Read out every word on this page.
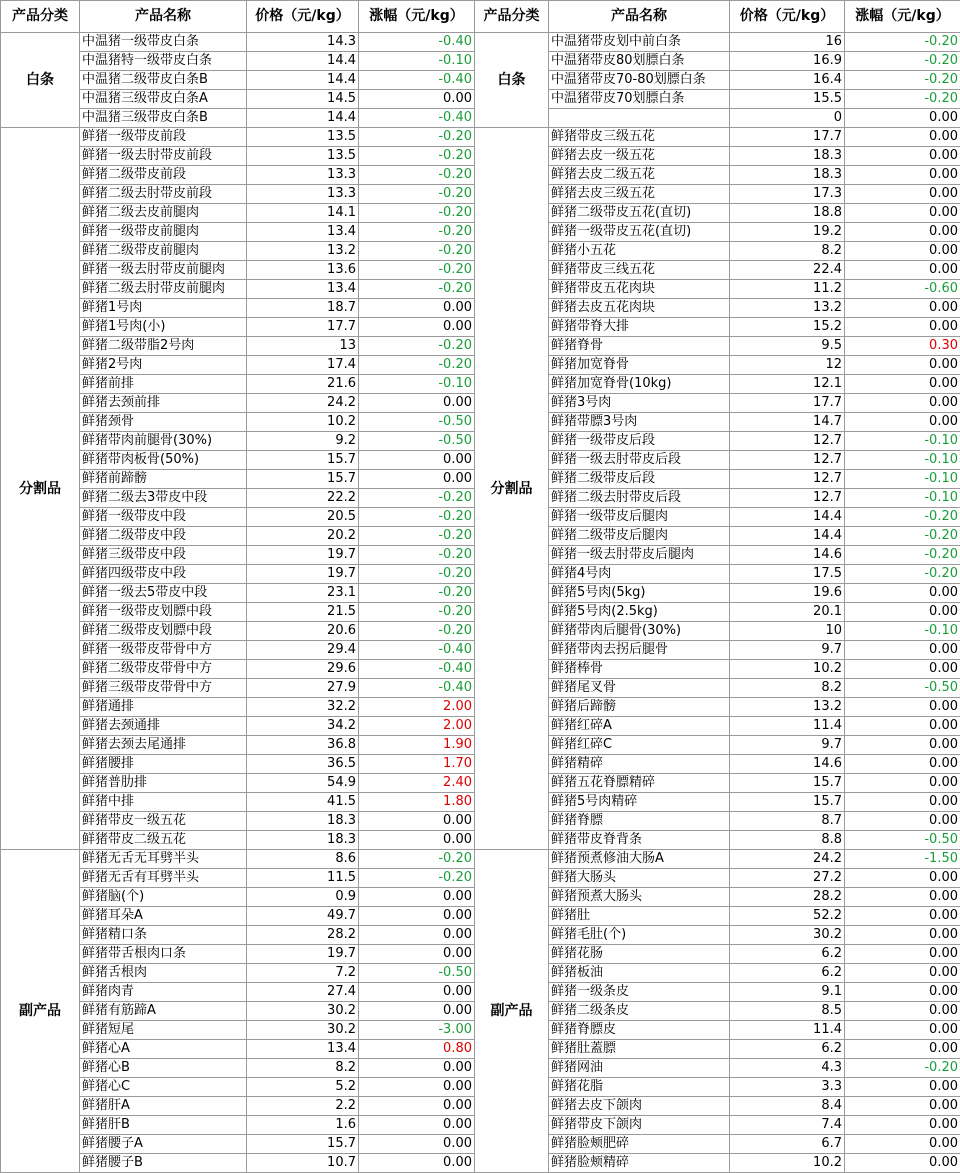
产品分类	产品名称	价格（元/kg）	涨幅（元/kg）	产品分类	产品名称	价格（元/kg）	涨幅（元/kg）
白条	中温猪一级带皮白条	14.3	-0.40	白条	中温猪带皮划中前白条	16	-0.20
	中温猪特一级带皮白条	14.4	-0.10		中温猪带皮80划膘白条	16.9	-0.20
	中温猪二级带皮白条B	14.4	-0.40		中温猪带皮70-80划膘白条	16.4	-0.20
	中温猪三级带皮白条A	14.5	0.00		中温猪带皮70划膘白条	15.5	-0.20
	中温猪三级带皮白条B	14.4	-0.40			0	0.00
分割品	鲜猪一级带皮前段	13.5	-0.20	分割品	鲜猪带皮三级五花	17.7	0.00
	鲜猪一级去肘带皮前段	13.5	-0.20		鲜猪去皮一级五花	18.3	0.00
	鲜猪二级带皮前段	13.3	-0.20		鲜猪去皮二级五花	18.3	0.00
	鲜猪二级去肘带皮前段	13.3	-0.20		鲜猪去皮三级五花	17.3	0.00
	鲜猪二级去皮前腿肉	14.1	-0.20		鲜猪二级带皮五花(直切)	18.8	0.00
	鲜猪一级带皮前腿肉	13.4	-0.20		鲜猪一级带皮五花(直切)	19.2	0.00
	鲜猪二级带皮前腿肉	13.2	-0.20		鲜猪小五花	8.2	0.00
	鲜猪一级去肘带皮前腿肉	13.6	-0.20		鲜猪带皮三线五花	22.4	0.00
	鲜猪二级去肘带皮前腿肉	13.4	-0.20		鲜猪带皮五花肉块	11.2	-0.60
	鲜猪1号肉	18.7	0.00		鲜猪去皮五花肉块	13.2	0.00
	鲜猪1号肉(小)	17.7	0.00		鲜猪带脊大排	15.2	0.00
	鲜猪二级带脂2号肉	13	-0.20		鲜猪脊骨	9.5	0.30
	鲜猪2号肉	17.4	-0.20		鲜猪加宽脊骨	12	0.00
	鲜猪前排	21.6	-0.10		鲜猪加宽脊骨(10kg)	12.1	0.00
	鲜猪去颈前排	24.2	0.00		鲜猪3号肉	17.7	0.00
	鲜猪颈骨	10.2	-0.50		鲜猪带膘3号肉	14.7	0.00
	鲜猪带肉前腿骨(30%)	9.2	-0.50		鲜猪一级带皮后段	12.7	-0.10
	鲜猪带肉板骨(50%)	15.7	0.00		鲜猪一级去肘带皮后段	12.7	-0.10
	鲜猪前蹄髈	15.7	0.00		鲜猪二级带皮后段	12.7	-0.10
	鲜猪二级去3带皮中段	22.2	-0.20		鲜猪二级去肘带皮后段	12.7	-0.10
	鲜猪一级带皮中段	20.5	-0.20		鲜猪一级带皮后腿肉	14.4	-0.20
	鲜猪二级带皮中段	20.2	-0.20		鲜猪二级带皮后腿肉	14.4	-0.20
	鲜猪三级带皮中段	19.7	-0.20		鲜猪一级去肘带皮后腿肉	14.6	-0.20
	鲜猪四级带皮中段	19.7	-0.20		鲜猪4号肉	17.5	-0.20
	鲜猪一级去5带皮中段	23.1	-0.20		鲜猪5号肉(5kg)	19.6	0.00
	鲜猪一级带皮划膘中段	21.5	-0.20		鲜猪5号肉(2.5kg)	20.1	0.00
	鲜猪二级带皮划膘中段	20.6	-0.20		鲜猪带肉后腿骨(30%)	10	-0.10
	鲜猪一级带皮带骨中方	29.4	-0.40		鲜猪带肉去拐后腿骨	9.7	0.00
	鲜猪二级带皮带骨中方	29.6	-0.40		鲜猪棒骨	10.2	0.00
	鲜猪三级带皮带骨中方	27.9	-0.40		鲜猪尾叉骨	8.2	-0.50
	鲜猪通排	32.2	2.00		鲜猪后蹄髈	13.2	0.00
	鲜猪去颈通排	34.2	2.00		鲜猪红碎A	11.4	0.00
	鲜猪去颈去尾通排	36.8	1.90		鲜猪红碎C	9.7	0.00
	鲜猪腰排	36.5	1.70		鲜猪精碎	14.6	0.00
	鲜猪普肋排	54.9	2.40		鲜猪五花脊膘精碎	15.7	0.00
	鲜猪中排	41.5	1.80		鲜猪5号肉精碎	15.7	0.00
	鲜猪带皮一级五花	18.3	0.00		鲜猪脊膘	8.7	0.00
	鲜猪带皮二级五花	18.3	0.00		鲜猪带皮脊背条	8.8	-0.50
副产品	鲜猪无舌无耳劈半头	8.6	-0.20	副产品	鲜猪预煮修油大肠A	24.2	-1.50
	鲜猪无舌有耳劈半头	11.5	-0.20		鲜猪大肠头	27.2	0.00
	鲜猪脑(个)	0.9	0.00		鲜猪预煮大肠头	28.2	0.00
	鲜猪耳朵A	49.7	0.00		鲜猪肚	52.2	0.00
	鲜猪精口条	28.2	0.00		鲜猪毛肚(个)	30.2	0.00
	鲜猪带舌根肉口条	19.7	0.00		鲜猪花肠	6.2	0.00
	鲜猪舌根肉	7.2	-0.50		鲜猪板油	6.2	0.00
	鲜猪肉青	27.4	0.00		鲜猪一级条皮	9.1	0.00
	鲜猪有筋蹄A	30.2	0.00		鲜猪二级条皮	8.5	0.00
	鲜猪短尾	30.2	-3.00		鲜猪脊膘皮	11.4	0.00
	鲜猪心A	13.4	0.80		鲜猪肚蓋膘	6.2	0.00
	鲜猪心B	8.2	0.00		鲜猪网油	4.3	-0.20
	鲜猪心C	5.2	0.00		鲜猪花脂	3.3	0.00
	鲜猪肝A	2.2	0.00		鲜猪去皮下颌肉	8.4	0.00
	鲜猪肝B	1.6	0.00		鲜猪带皮下颌肉	7.4	0.00
	鲜猪腰子A	15.7	0.00		鲜猪脸颊肥碎	6.7	0.00
	鲜猪腰子B	10.7	0.00		鲜猪脸颊精碎	10.2	0.00
